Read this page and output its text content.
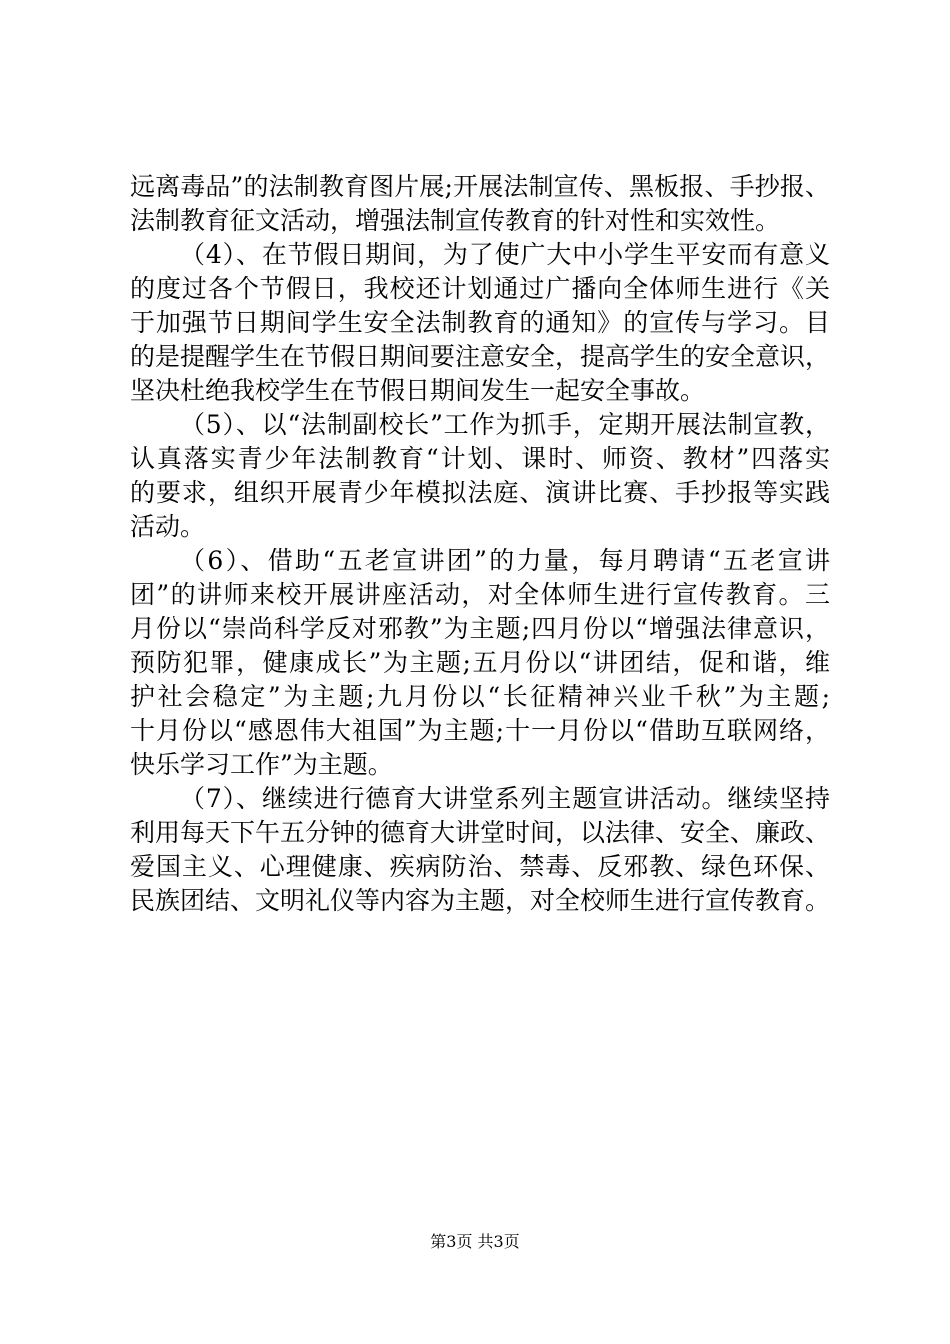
远离毒品”的法制教育图片展;开展法制宣传、黑板报、手抄报、
法制教育征文活动，增强法制宣传教育的针对性和实效性。
（4）、在节假日期间，为了使广大中小学生平安而有意义
的度过各个节假日，我校还计划通过广播向全体师生进行《关
于加强节日期间学生安全法制教育的通知》的宣传与学习。目
的是提醒学生在节假日期间要注意安全，提高学生的安全意识，
坚决杜绝我校学生在节假日期间发生一起安全事故。
（5）、以“法制副校长”工作为抓手，定期开展法制宣教，
认真落实青少年法制教育“计划、课时、师资、教材”四落实
的要求，组织开展青少年模拟法庭、演讲比赛、手抄报等实践
活动。
（6）、借助“五老宣讲团”的力量，每月聘请“五老宣讲
团”的讲师来校开展讲座活动，对全体师生进行宣传教育。三
月份以“崇尚科学反对邪教”为主题;四月份以“增强法律意识，
预防犯罪，健康成长”为主题;五月份以“讲团结，促和谐，维
护社会稳定”为主题;九月份以“长征精神兴业千秋”为主题;
十月份以“感恩伟大祖国”为主题;十一月份以“借助互联网络，
快乐学习工作”为主题。
（7）、继续进行德育大讲堂系列主题宣讲活动。继续坚持
利用每天下午五分钟的德育大讲堂时间，以法律、安全、廉政、
爱国主义、心理健康、疾病防治、禁毒、反邪教、绿色环保、
民族团结、文明礼仪等内容为主题，对全校师生进行宣传教育。
第3页 共3页
